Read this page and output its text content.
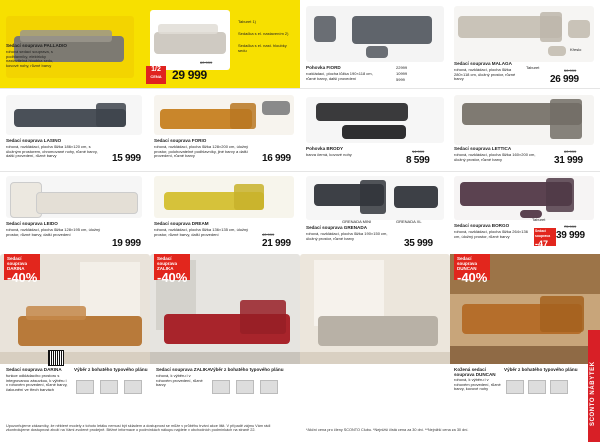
Sedací souprava PALLADIO
rohová sedací souprava, s podhlavníky, elektricky nastavitelná hloubka sedu, kovové nohy, různé barvy
Taburet 1)
Sedačka s el. nastavením 2)
Sedačka s el. nast. hloubky sedu
1/2
CENA 29 999
60 999
Sedací souprava LASINO
rohová, rozkládací, plocha lůžka 186×120 cm, s úložným prostorem, chromované nohy, různé barvy, další provedení, různé barvy	15 999
Sedací souprava FORIO
rohová, rozkládací, plocha lůžka 128×200 cm, úložný prostor, polohovatelné podhlavníky, jiné barvy a další provedení, různé barvy	16 999
Sedací souprava LEIDO
rohová, rozkládací, plocha lůžka 128×195 cm, úložný prostor, různé barvy, další provedení
19 999
Sedací souprava DREAM
rohová, rozkládací, plocha lůžka 136×135 cm, úložný prostor, různé barvy, další provedení	40 999
21 999
Sedací souprava DARINA
-40%
Sedací souprava DARINA
funkce odkládacího prostoru s integrovanou zásuvkou, k výběru i v rohovém provedení, různé barvy, čalounění ve třech barvách
Výběr z bohatého typového plánu
Sedací souprava ZALIKA
-40%
Sedací souprava ZALIKA
rohová, k výběru i v rohovém provedení, různé barvy
Výběr z bohatého typového plánu
Upozorňujeme zákazníky, že některé modely z tohoto letáku nemusí být skladem a dostupnost se může v průběhu trvání akce lišit. V případě zájmu Vám rádi zkontrolujeme dostupnost zboží na Vámi zvolené prodejně. Běžné informace o podmínkách nákupu najdete v obchodních podmínkách na straně 22.
Pohovka FIORD
rozkládací, plocha lůžka 190×118 cm, různé barvy, další provedení
22999
10999
5999
Sedací souprava MALAGA
rohová, rozkládací, plocha lůžka 280×118 cm, úložný prostor, různé barvy
Křeslo
Taburet
50 999
26 999
Pohovka BRODY
barva černá, kovové nohy
14 999
8 599
Sedací souprava LETTICA
rohová, rozkládací, plocha lůžka 160×200 cm, úložný prostor, různé barvy
60 999
31 999
GRENADA MINI	GRENADA XL
Sedací souprava GRENADA
rohová, rozkládací, plocha lůžka 190×150 cm, úložný prostor, různé barvy	35 999
Sedací souprava BORGO
rohová, rozkládací, plocha lůžka 264×136 cm, úložný prostor, různé barvy
Taburet
Sedací souprava
-47
75 999
39 999
Sedací souprava DUNCAN
-40%
Kožená sedací souprava DUNCAN
rohová, k výběru i v rohovém provedení, různé barvy, kovové nohy
Výběr z bohatého typového plánu	SCONTO NÁBYTEK
*Akční cena pro členy SCONTO Clubu. *Nejnižší čistá cena za 30 dní. **Nejnižší cena za 30 dní.
